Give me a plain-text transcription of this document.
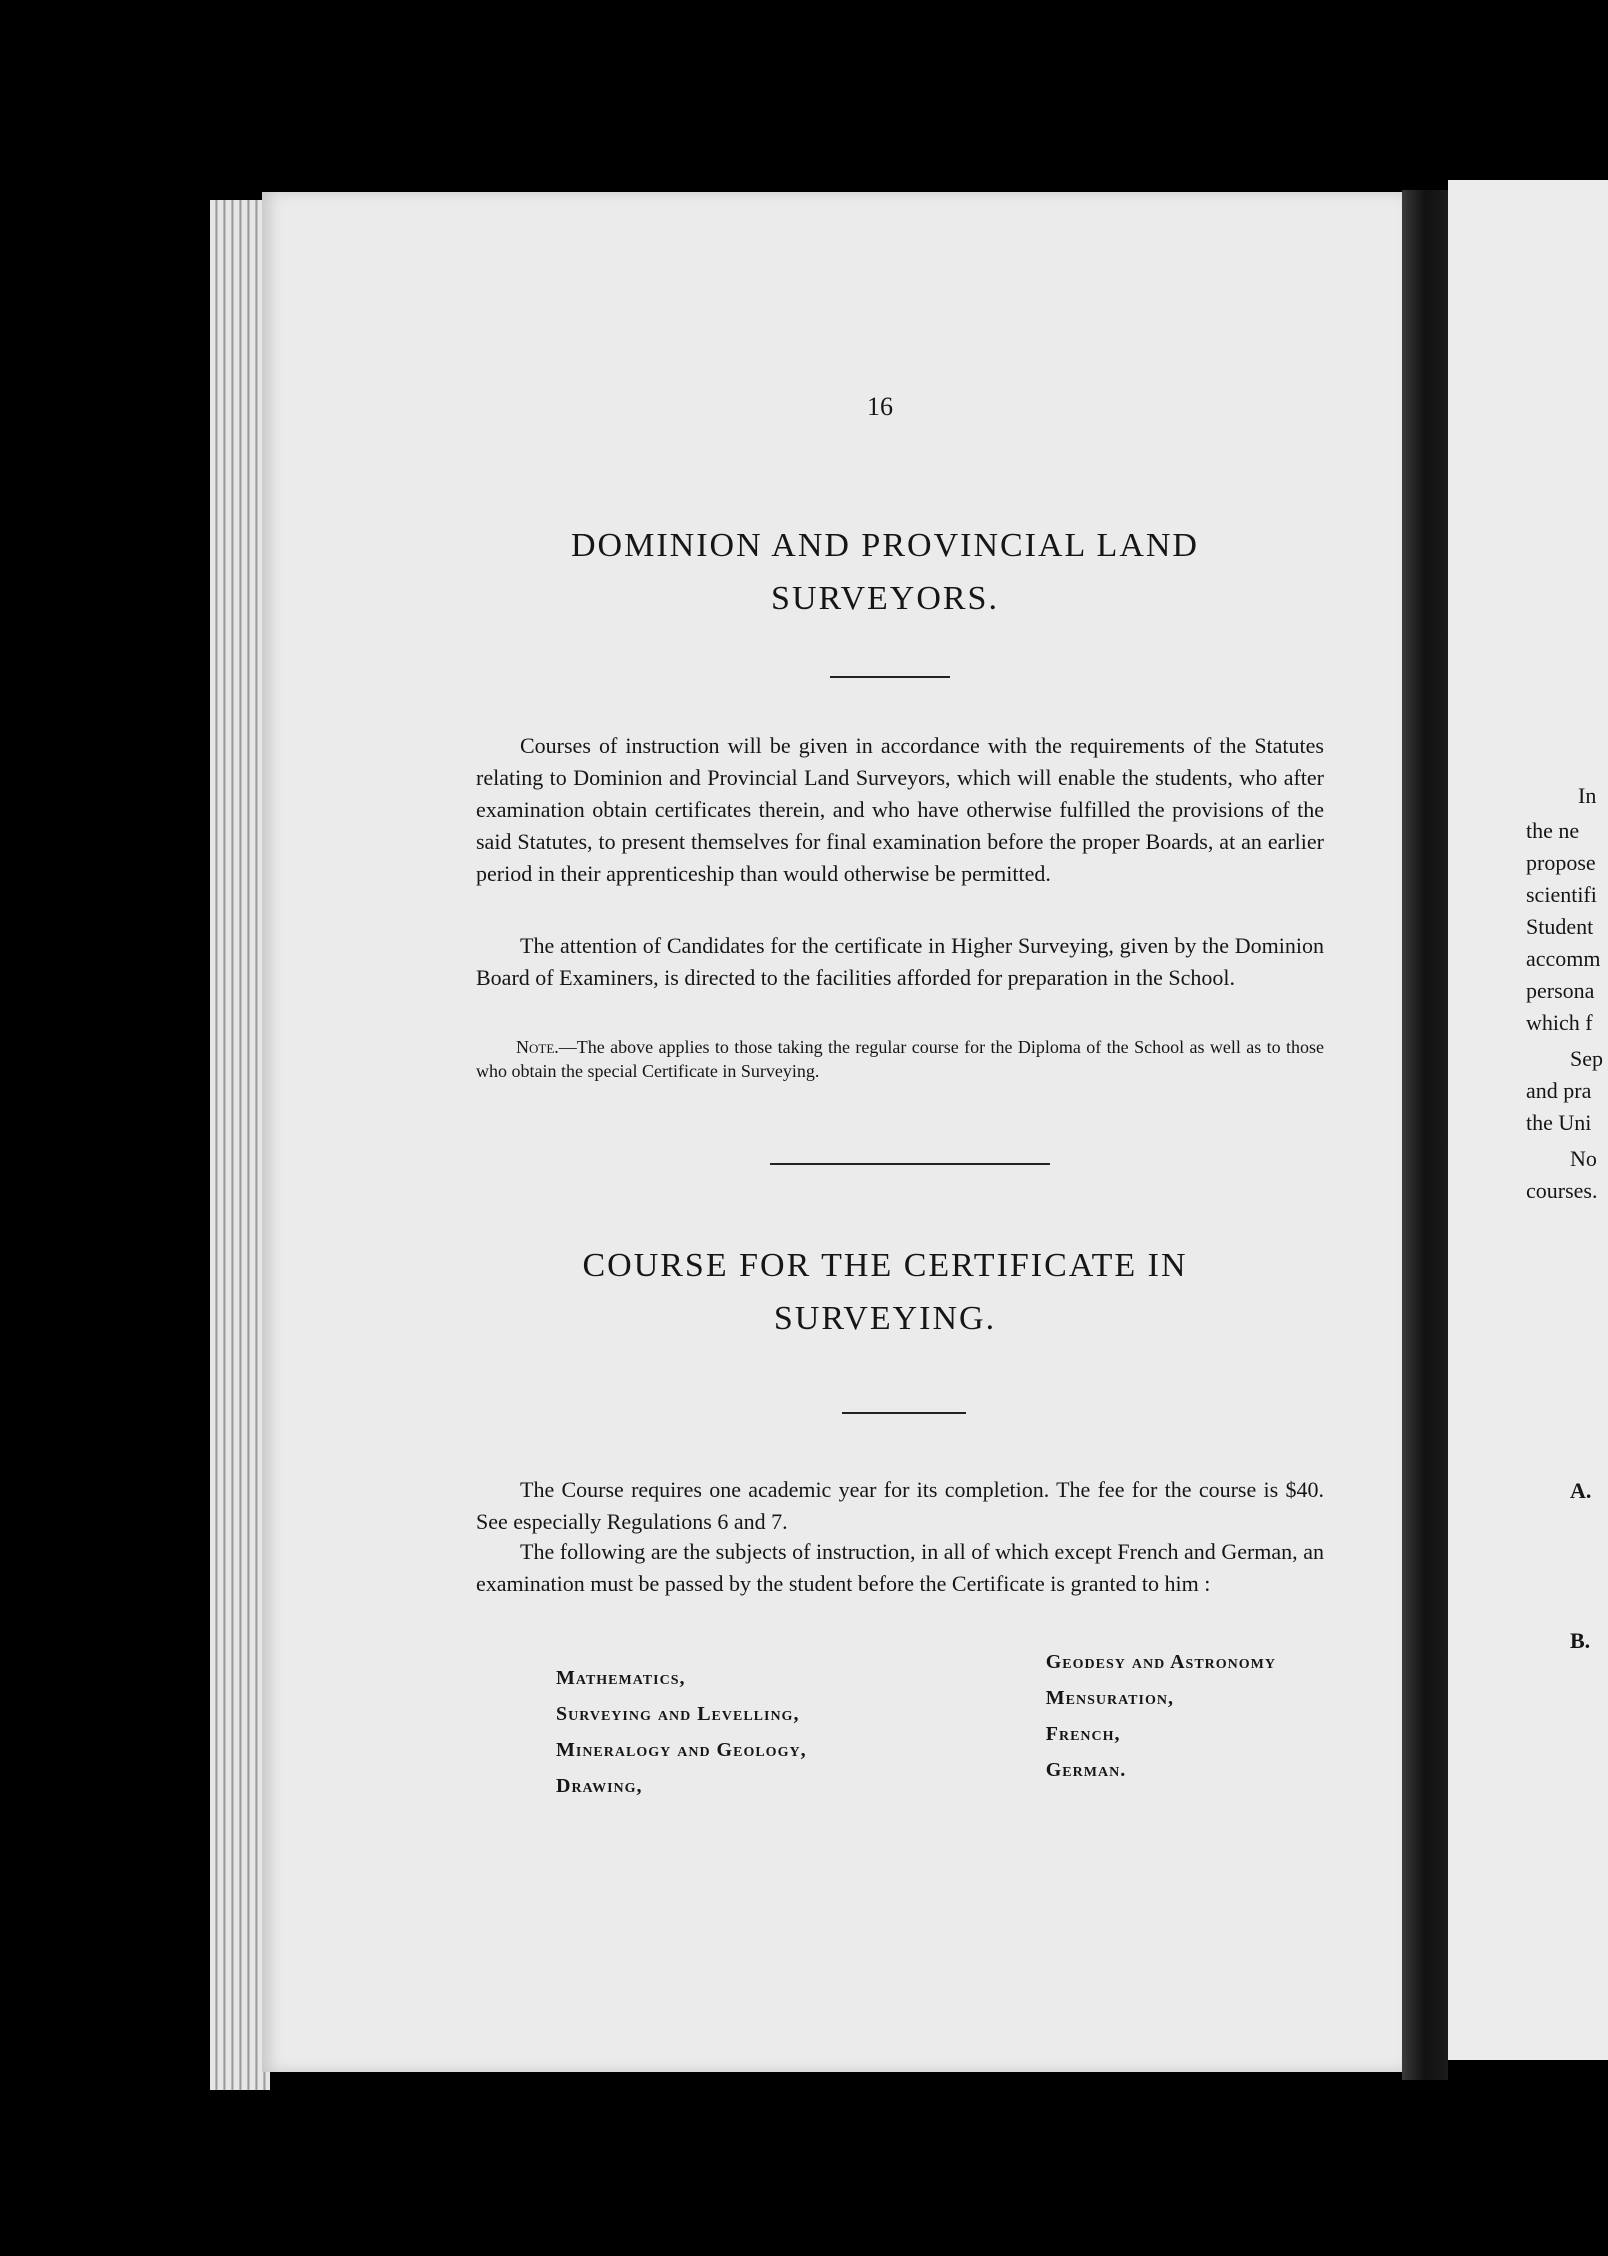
In
the ne
propose
scientifi
Student
accomm
persona
which f
Sep
and pra
the Uni
No
courses.
A.
B.
16
DOMINION AND PROVINCIAL LAND
SURVEYORS.
Courses of instruction will be given in accordance with the requirements of the Statutes relating to Dominion and Provincial Land Surveyors, which will enable the students, who after examination obtain certificates therein, and who have otherwise fulfilled the provisions of the said Statutes, to present themselves for final examination before the proper Boards, at an earlier period in their apprenticeship than would otherwise be permitted.
The attention of Candidates for the certificate in Higher Surveying, given by the Dominion Board of Examiners, is directed to the facilities afforded for preparation in the School.
Note.—The above applies to those taking the regular course for the Diploma of the School as well as to those who obtain the special Certificate in Surveying.
COURSE FOR THE CERTIFICATE IN
SURVEYING.
The Course requires one academic year for its completion. The fee for the course is $40. See especially Regulations 6 and 7.
The following are the subjects of instruction, in all of which except French and German, an examination must be passed by the student before the Certificate is granted to him :
Mathematics,
Surveying and Levelling,
Mineralogy and Geology,
Drawing,
Geodesy and Astronomy
Mensuration,
French,
German.
